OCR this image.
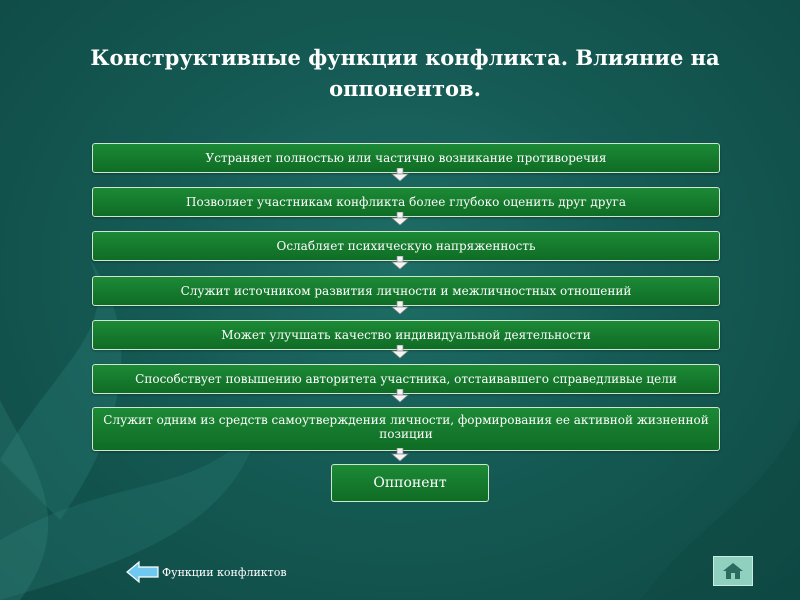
Конструктивные функции конфликта. Влияние на оппонентов.
Устраняет полностью или частично возникание противоречия
Позволяет участникам конфликта более глубоко оценить друг друга
Ослабляет психическую напряженность
Служит источником развития личности и межличностных отношений
Может улучшать качество индивидуальной деятельности
Способствует повышению авторитета участника, отстаивавшего справедливые цели
Служит одним из средств самоутверждения личности, формирования ее активной жизненной позиции
Оппонент
Функции конфликтов
